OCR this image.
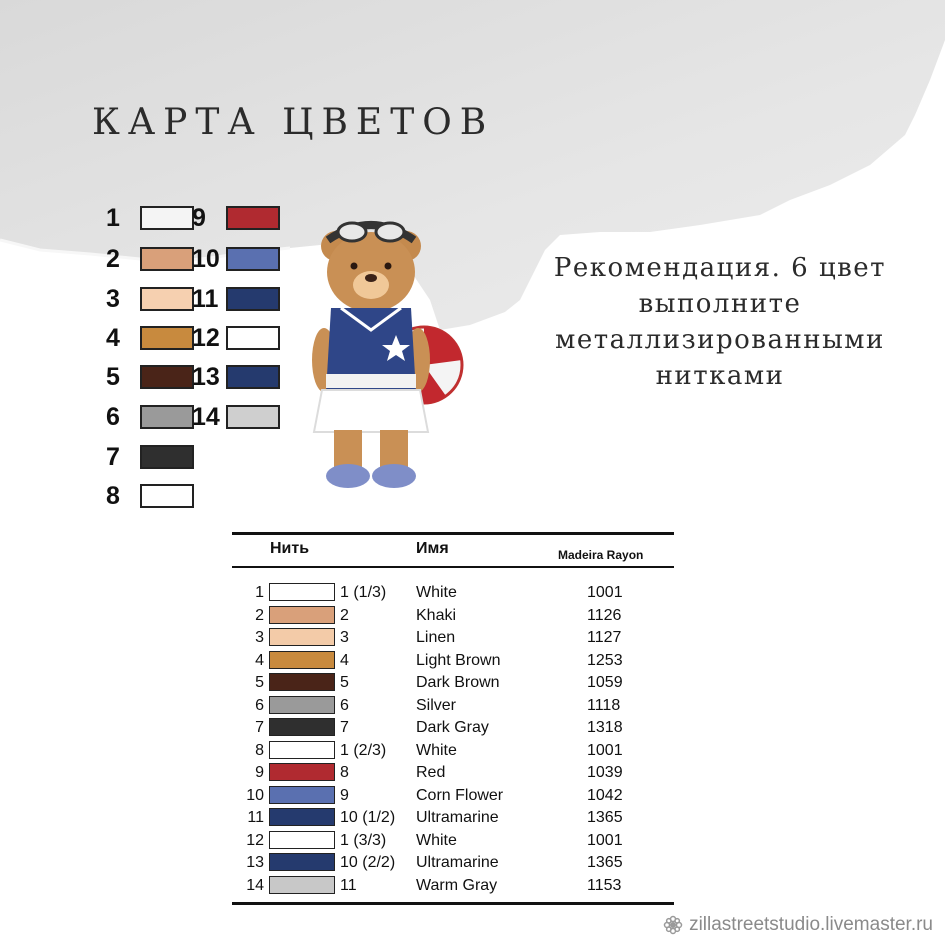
КАРТА ЦВЕТОВ
1
2
3
4
5
6
7
8
9
10
11
12
13
14
Рекомендация. 6 цвет
выполните
металлизированными
нитками
Нить	Имя	Madeira Rayon
1	1 (1/3) White	1001
2	2	Khaki	1126
3	3	Linen	1127
4	4	Light Brown	1253
5	5	Dark Brown	1059
6	6	Silver	1118
7	7	Dark Gray	1318
8	1 (2/3) White	1001
9	8	Red	1039
10	9	Corn Flower	1042
11	10 (1/2) Ultramarine	1365
12	1 (3/3) White	1001
13	10 (2/2) Ultramarine	1365
14	11	Warm Gray	1153
zillastreetstudio.livemaster.ru
